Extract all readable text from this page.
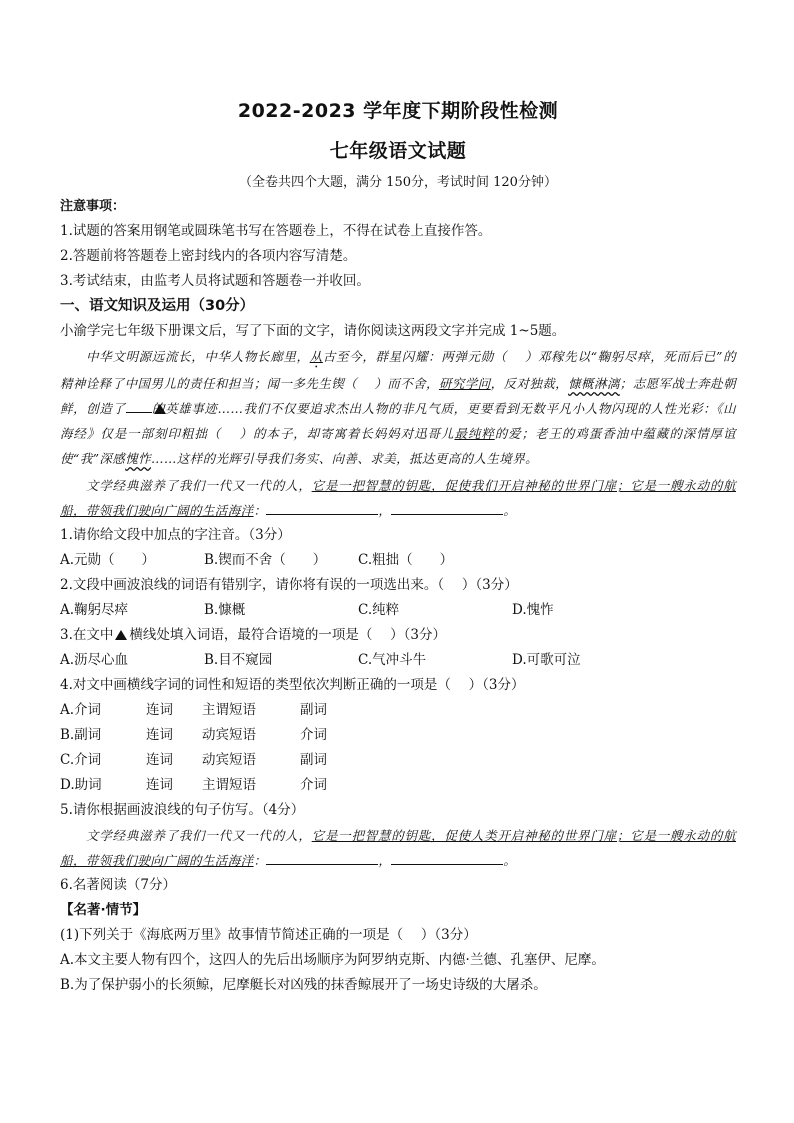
2022-2023 学年度下期阶段性检测
七年级语文试题
（全卷共四个大题，满分 150分，考试时间 120分钟）
注意事项：
1.试题的答案用钢笔或圆珠笔书写在答题卷上，不得在试卷上直接作答。
2.答题前将答题卷上密封线内的各项内容写清楚。
3.考试结束，由监考人员将试题和答题卷一并收回。
一、语文知识及运用（30分）
小渝学完七年级下册课文后，写了下面的文字，请你阅读这两段文字并完成 1~5题。
中华文明源远流长，中华人物长廊里，从古至今，群星闪耀：两弹元勋（　 ）邓稼先以“鞠躬尽瘁，死而后已”的精神诠释了中国男儿的责任和担当；闻一多先生锲（　 ）而不舍，研究学问，反对独裁，慷概淋漓；志愿军战士奔赴朝鲜，创造了 的英雄事迹……我们不仅要追求杰出人物的非凡气质，更要看到无数平凡小人物闪现的人性光彩：《山海经》仅是一部刻印粗拙（　 ）的本子，却寄寓着长妈妈对迅哥儿最纯粹的爱；老王的鸡蛋香油中蕴藏的深情厚谊使“我”深感愧怍……这样的光辉引导我们务实、向善、求美，抵达更高的人生境界。
文学经典滋养了我们一代又一代的人，它是一把智慧的钥匙，促使我们开启神秘的世界门扉；它是一艘永动的航船，带领我们驶向广阔的生活海洋：	，	。
1.请你给文段中加点的字注音。（3分）
A.元勋（　　）	B.锲而不舍（　　）	C.粗拙（　　）
2.文段中画波浪线的词语有错别字，请你将有误的一项选出来。（　 ）（3分）
A.鞠躬尽瘁	B.慷概	C.纯粹	D.愧怍
3.在文中 横线处填入词语，最符合语境的一项是（　 ）（3分）
A.沥尽心血	B.目不窥园	C.气冲斗牛	D.可歌可泣
4.对文中画横线字词的词性和短语的类型依次判断正确的一项是（　 ）（3分）
A.介词	连词	主谓短语	副词
B.副词	连词	动宾短语	介词
C.介词	连词	动宾短语	副词
D.助词	连词	主谓短语	介词
5.请你根据画波浪线的句子仿写。（4分）
文学经典滋养了我们一代又一代的人，它是一把智慧的钥匙，促使人类开启神秘的世界门扉；它是一艘永动的航船，带领我们驶向广阔的生活海洋：	，	。
6.名著阅读（7分）
【名著·情节】
(1)下列关于《海底两万里》故事情节简述正确的一项是（　 ）（3分）
A.本文主要人物有四个，这四人的先后出场顺序为阿罗纳克斯、内德·兰德、孔塞伊、尼摩。
B.为了保护弱小的长须鲸，尼摩艇长对凶残的抹香鲸展开了一场史诗级的大屠杀。
